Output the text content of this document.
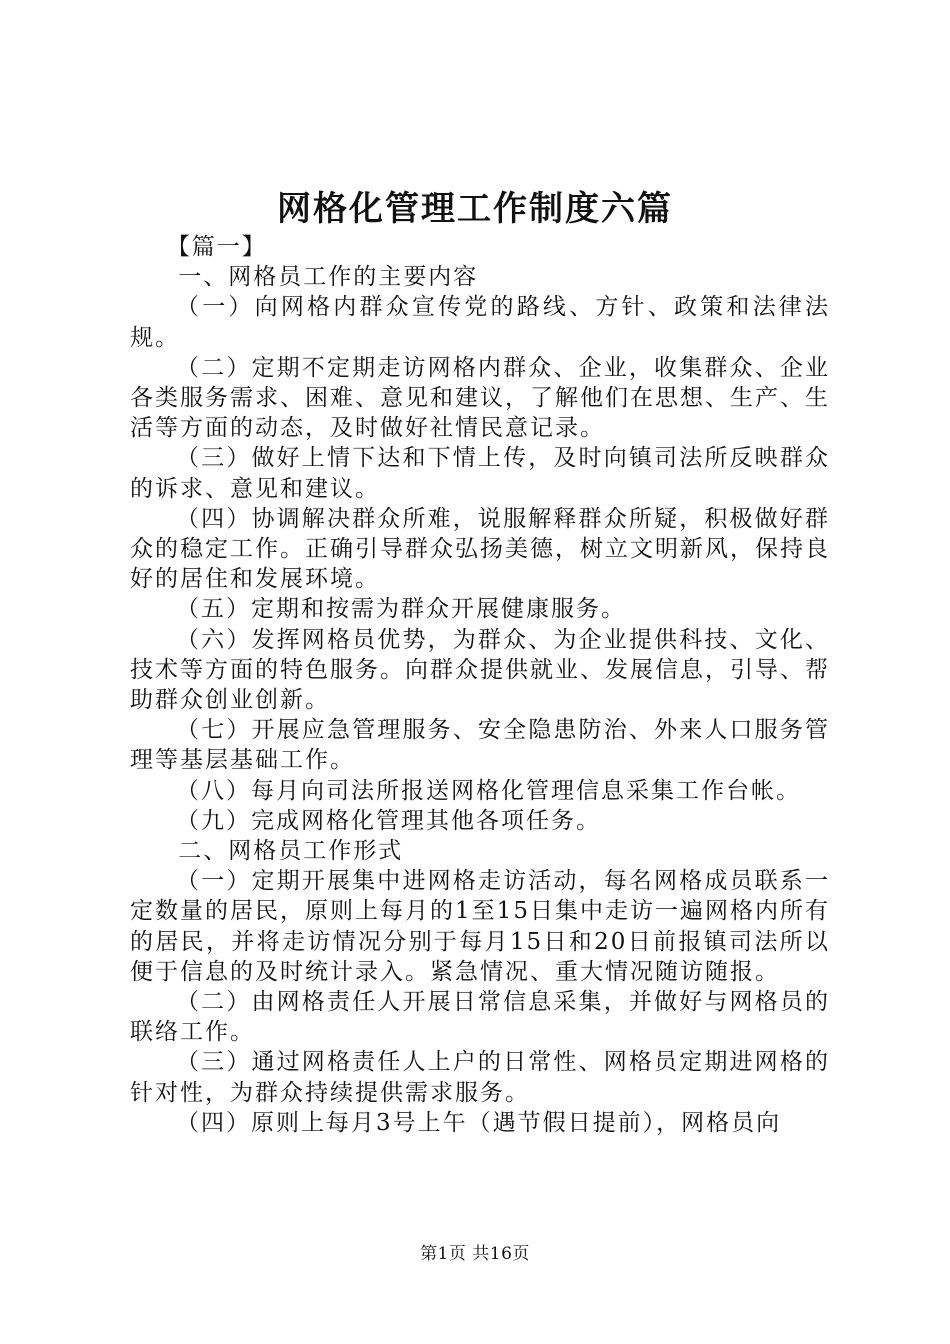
网格化管理工作制度六篇

【篇一】

一、网格员工作的主要内容

（一）向网格内群众宣传党的路线、方针、政策和法律法规。

（二）定期不定期走访网格内群众、企业，收集群众、企业各类服务需求、困难、意见和建议，了解他们在思想、生产、生活等方面的动态，及时做好社情民意记录。

（三）做好上情下达和下情上传，及时向镇司法所反映群众的诉求、意见和建议。

（四）协调解决群众所难，说服解释群众所疑，积极做好群众的稳定工作。正确引导群众弘扬美德，树立文明新风，保持良好的居住和发展环境。

（五）定期和按需为群众开展健康服务。

（六）发挥网格员优势，为群众、为企业提供科技、文化、技术等方面的特色服务。向群众提供就业、发展信息，引导、帮助群众创业创新。

（七）开展应急管理服务、安全隐患防治、外来人口服务管理等基层基础工作。

（八）每月向司法所报送网格化管理信息采集工作台帐。

（九）完成网格化管理其他各项任务。

二、网格员工作形式

（一）定期开展集中进网格走访活动，每名网格成员联系一定数量的居民，原则上每月的1至15日集中走访一遍网格内所有的居民，并将走访情况分别于每月15日和20日前报镇司法所以便于信息的及时统计录入。紧急情况、重大情况随访随报。

（二）由网格责任人开展日常信息采集，并做好与网格员的联络工作。

（三）通过网格责任人上户的日常性、网格员定期进网格的针对性，为群众持续提供需求服务。

（四）原则上每月3号上午（遇节假日提前），网格员向

第1页 共16页
